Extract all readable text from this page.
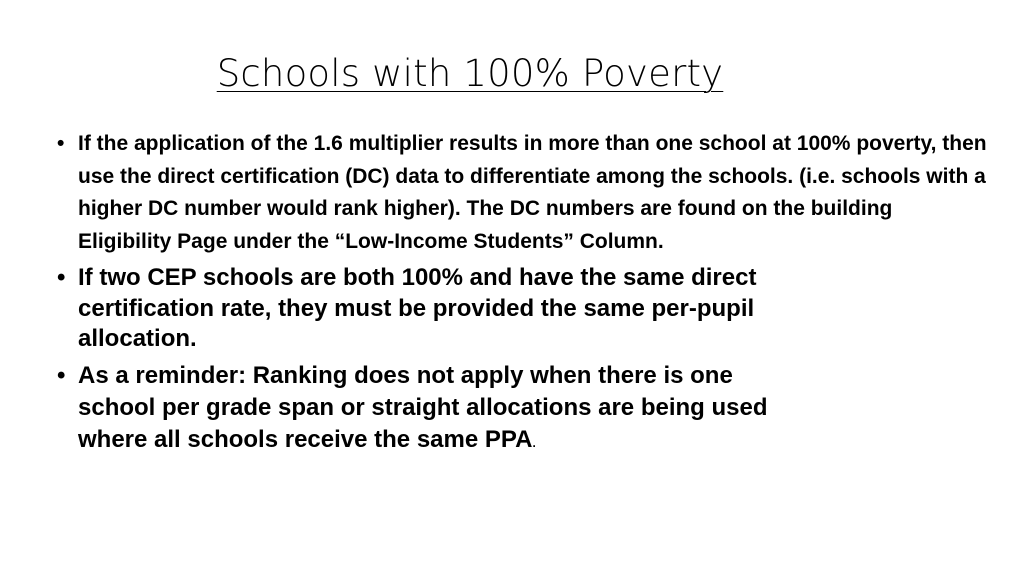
Schools with 100% Poverty
• If the application of the 1.6 multiplier results in more than one school at 100% poverty, then use the direct certification (DC) data to differentiate among the schools. (i.e. schools with a higher DC number would rank higher). The DC numbers are found on the building Eligibility Page under the “Low-Income Students” Column.
• If two CEP schools are both 100% and have the same direct certification rate, they must be provided the same per-pupil allocation.
• As a reminder: Ranking does not apply when there is one school per grade span or straight allocations are being used where all schools receive the same PPA.
